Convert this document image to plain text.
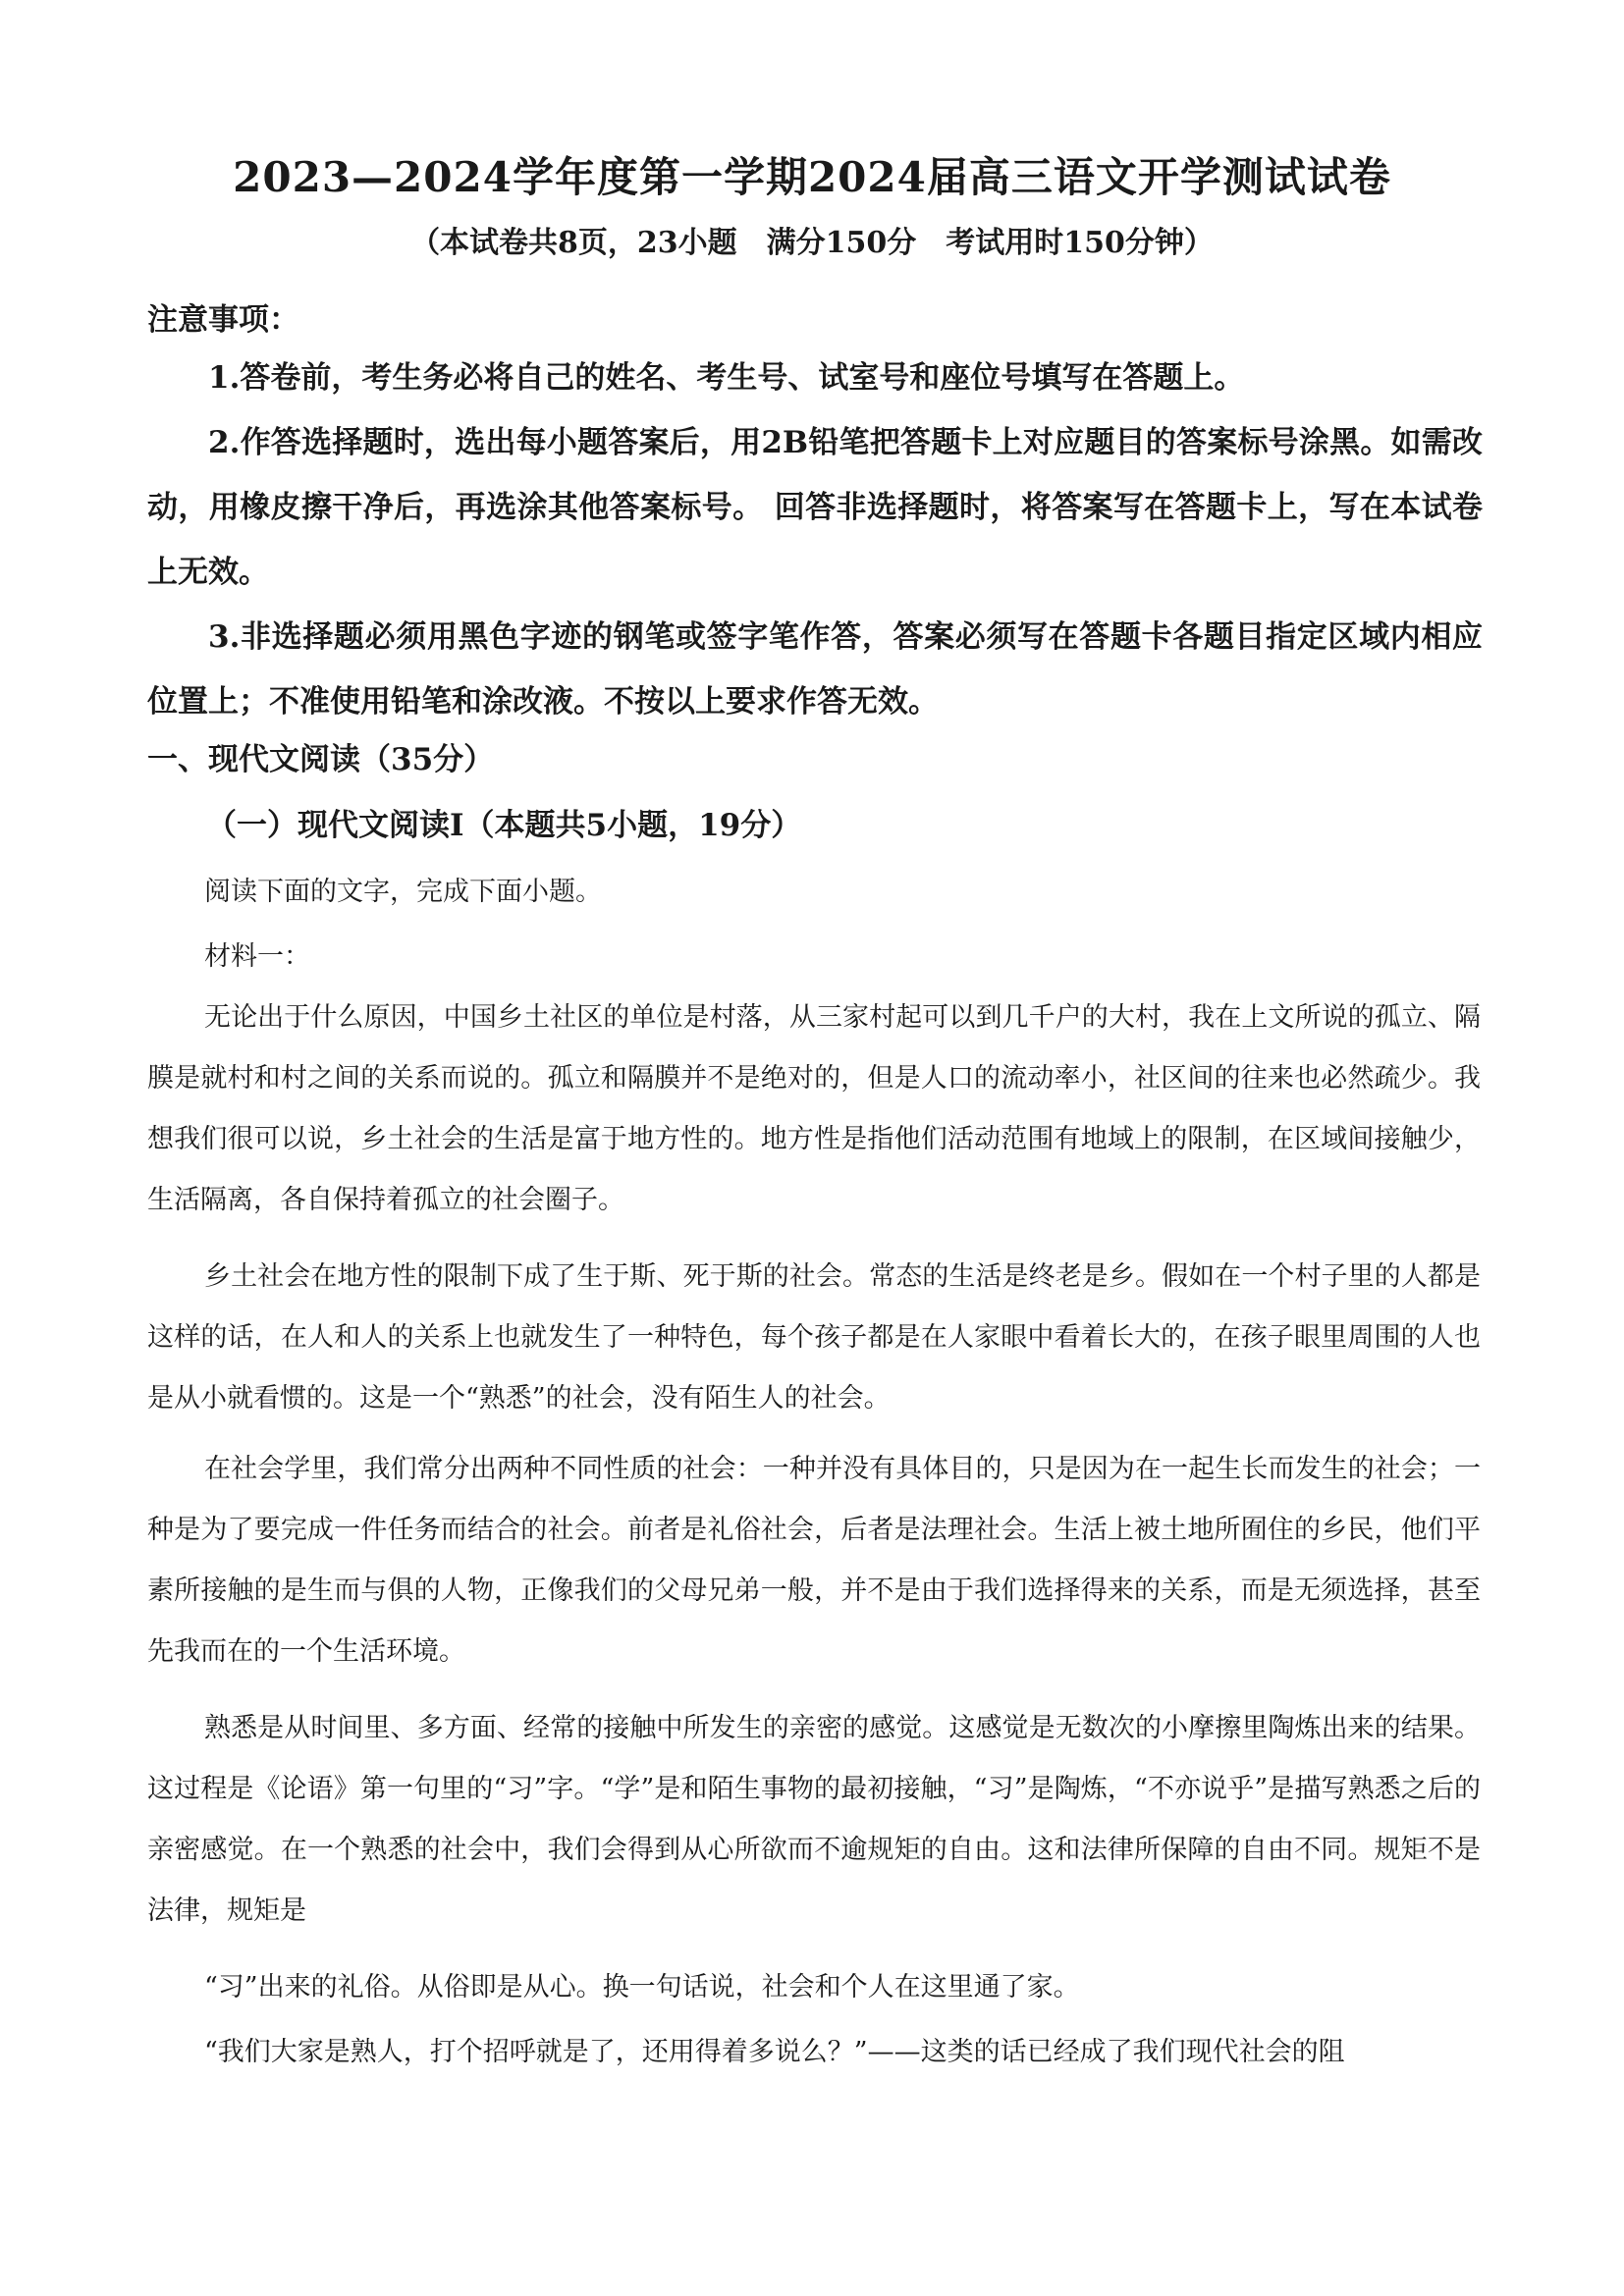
2023—2024学年度第一学期2024届高三语文开学测试试卷
（本试卷共8页，23小题　满分150分　考试用时150分钟）
注意事项：
1.答卷前，考生务必将自己的姓名、考生号、试室号和座位号填写在答题上。
2.作答选择题时，选出每小题答案后，用2B铅笔把答题卡上对应题目的答案标号涂黑。如需改动，用橡皮擦干净后，再选涂其他答案标号。 回答非选择题时，将答案写在答题卡上，写在本试卷上无效。
3.非选择题必须用黑色字迹的钢笔或签字笔作答，答案必须写在答题卡各题目指定区域内相应位置上；不准使用铅笔和涂改液。不按以上要求作答无效。
一、现代文阅读（35分）
（一）现代文阅读Ⅰ（本题共5小题，19分）
阅读下面的文字，完成下面小题。
材料一：
无论出于什么原因，中国乡土社区的单位是村落，从三家村起可以到几千户的大村，我在上文所说的孤立、隔膜是就村和村之间的关系而说的。孤立和隔膜并不是绝对的，但是人口的流动率小，社区间的往来也必然疏少。我想我们很可以说，乡土社会的生活是富于地方性的。地方性是指他们活动范围有地域上的限制，在区域间接触少，生活隔离，各自保持着孤立的社会圈子。
乡土社会在地方性的限制下成了生于斯、死于斯的社会。常态的生活是终老是乡。假如在一个村子里的人都是这样的话，在人和人的关系上也就发生了一种特色，每个孩子都是在人家眼中看着长大的，在孩子眼里周围的人也是从小就看惯的。这是一个“熟悉”的社会，没有陌生人的社会。
在社会学里，我们常分出两种不同性质的社会：一种并没有具体目的，只是因为在一起生长而发生的社会；一种是为了要完成一件任务而结合的社会。前者是礼俗社会，后者是法理社会。生活上被土地所囿住的乡民，他们平素所接触的是生而与俱的人物，正像我们的父母兄弟一般，并不是由于我们选择得来的关系，而是无须选择，甚至先我而在的一个生活环境。
熟悉是从时间里、多方面、经常的接触中所发生的亲密的感觉。这感觉是无数次的小摩擦里陶炼出来的结果。这过程是《论语》第一句里的“习”字。“学”是和陌生事物的最初接触，“习”是陶炼，“不亦说乎”是描写熟悉之后的亲密感觉。在一个熟悉的社会中，我们会得到从心所欲而不逾规矩的自由。这和法律所保障的自由不同。规矩不是法律，规矩是
“习”出来的礼俗。从俗即是从心。换一句话说，社会和个人在这里通了家。
“我们大家是熟人，打个招呼就是了，还用得着多说么？”——这类的话已经成了我们现代社会的阻
